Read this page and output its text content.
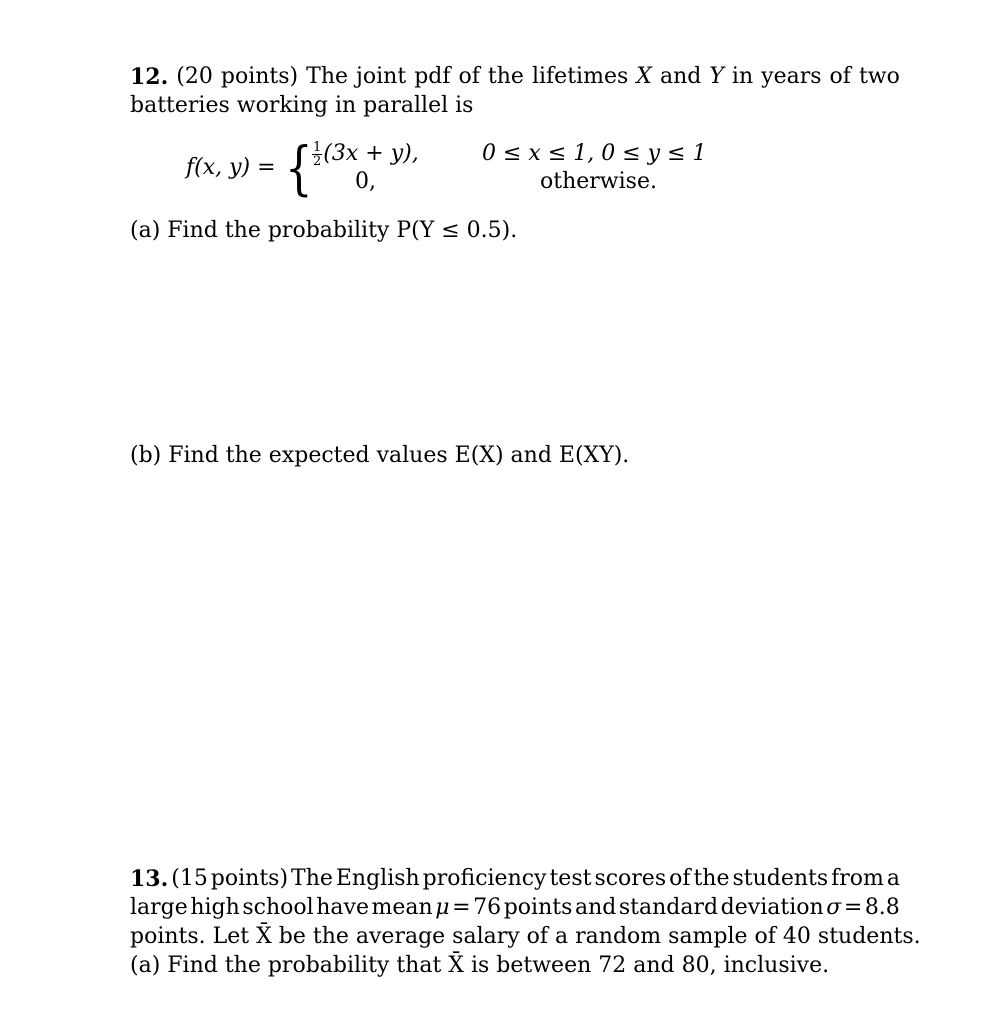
12. (20 points) The joint pdf of the lifetimes X and Y in years of two
batteries working in parallel is
f(x, y) = { $\frac{1}{2} (3x + y)$,	0 ≤ x ≤ 1, 0 ≤ y ≤ 1
0,	otherwise.
(a) Find the probability P(Y ≤ 0.5).
(b) Find the expected values E(X) and E(XY).
13. (15 points) The English proficiency test scores of the students from a
large high school have mean μ = 76 points and standard deviation σ = 8.8
points. Let X̄ be the average salary of a random sample of 40 students.
(a) Find the probability that X̄ is between 72 and 80, inclusive.
